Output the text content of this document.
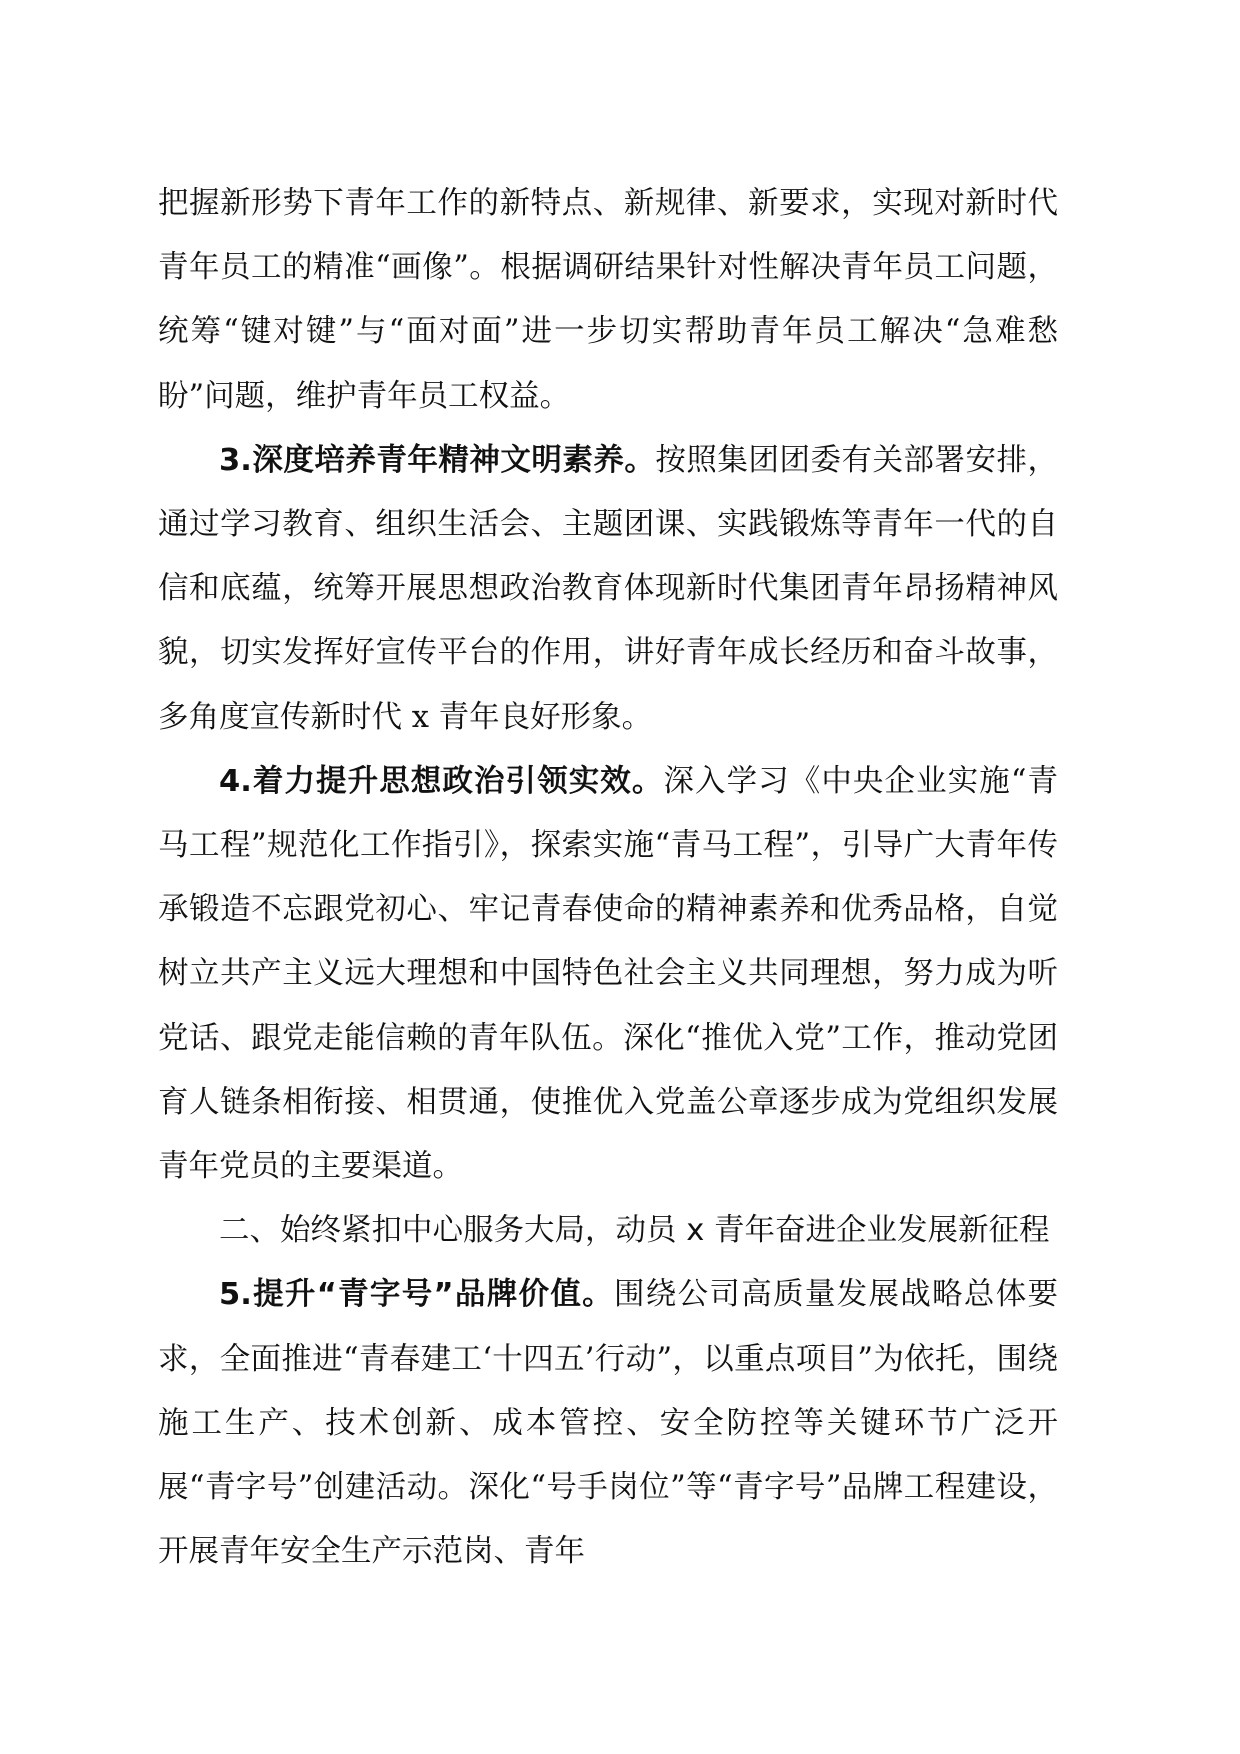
把握新形势下青年工作的新特点、新规律、新要求，实现对新时代青年员工的精准“画像”。根据调研结果针对性解决青年员工问题，统筹“键对键”与“面对面”进一步切实帮助青年员工解决“急难愁盼”问题，维护青年员工权益。

3.深度培养青年精神文明素养。按照集团团委有关部署安排，通过学习教育、组织生活会、主题团课、实践锻炼等青年一代的自信和底蕴，统筹开展思想政治教育体现新时代集团青年昂扬精神风貌，切实发挥好宣传平台的作用，讲好青年成长经历和奋斗故事，多角度宣传新时代 x 青年良好形象。

4.着力提升思想政治引领实效。深入学习《中央企业实施“青马工程”规范化工作指引》，探索实施“青马工程”，引导广大青年传承锻造不忘跟党初心、牢记青春使命的精神素养和优秀品格，自觉树立共产主义远大理想和中国特色社会主义共同理想，努力成为听党话、跟党走能信赖的青年队伍。深化“推优入党”工作，推动党团育人链条相衔接、相贯通，使推优入党盖公章逐步成为党组织发展青年党员的主要渠道。

二、始终紧扣中心服务大局，动员 x 青年奋进企业发展新征程

5.提升“青字号”品牌价值。围绕公司高质量发展战略总体要求，全面推进“青春建工‘十四五’行动”，以重点项目”为依托，围绕施工生产、技术创新、成本管控、安全防控等关键环节广泛开展“青字号”创建活动。深化“号手岗位”等“青字号”品牌工程建设，开展青年安全生产示范岗、青年
